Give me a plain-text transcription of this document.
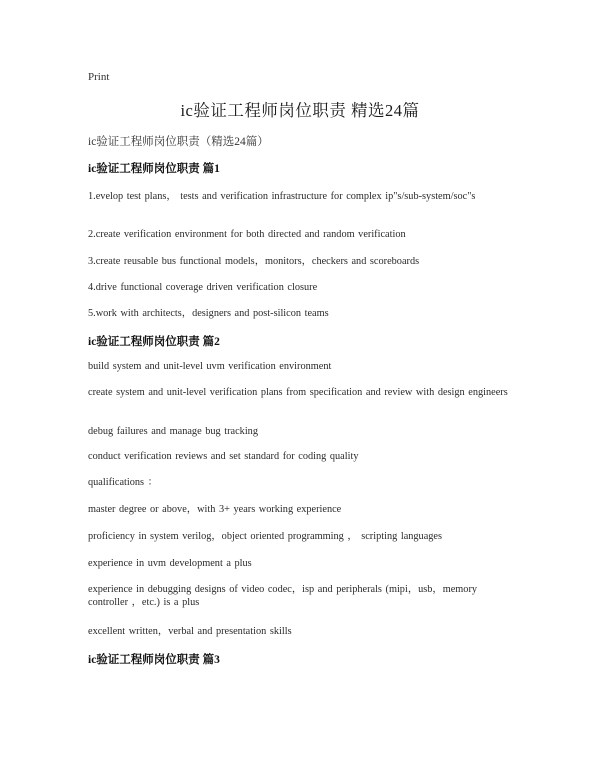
Print
ic验证工程师岗位职责 精选24篇
ic验证工程师岗位职责（精选24篇）
ic验证工程师岗位职责 篇1
1.evelop test plans， tests and verification infrastructure for complex ip"s/sub-system/soc"s
2.create verification environment for both directed and random verification
3.create reusable bus functional models，monitors，checkers and scoreboards
4.drive functional coverage driven verification closure
5.work with architects，designers and post-silicon teams
ic验证工程师岗位职责 篇2
build system and unit-level uvm verification environment
create system and unit-level verification plans from specification and review with design engineers
debug failures and manage bug tracking
conduct verification reviews and set standard for coding quality
qualifications ：
master degree or above，with 3+ years working experience
proficiency in system verilog，object oriented programming ， scripting languages
experience in uvm development a plus
experience in debugging designs of video codec，isp and peripherals (mipi，usb，memory controller ，etc.) is a plus
excellent written，verbal and presentation skills
ic验证工程师岗位职责 篇3
